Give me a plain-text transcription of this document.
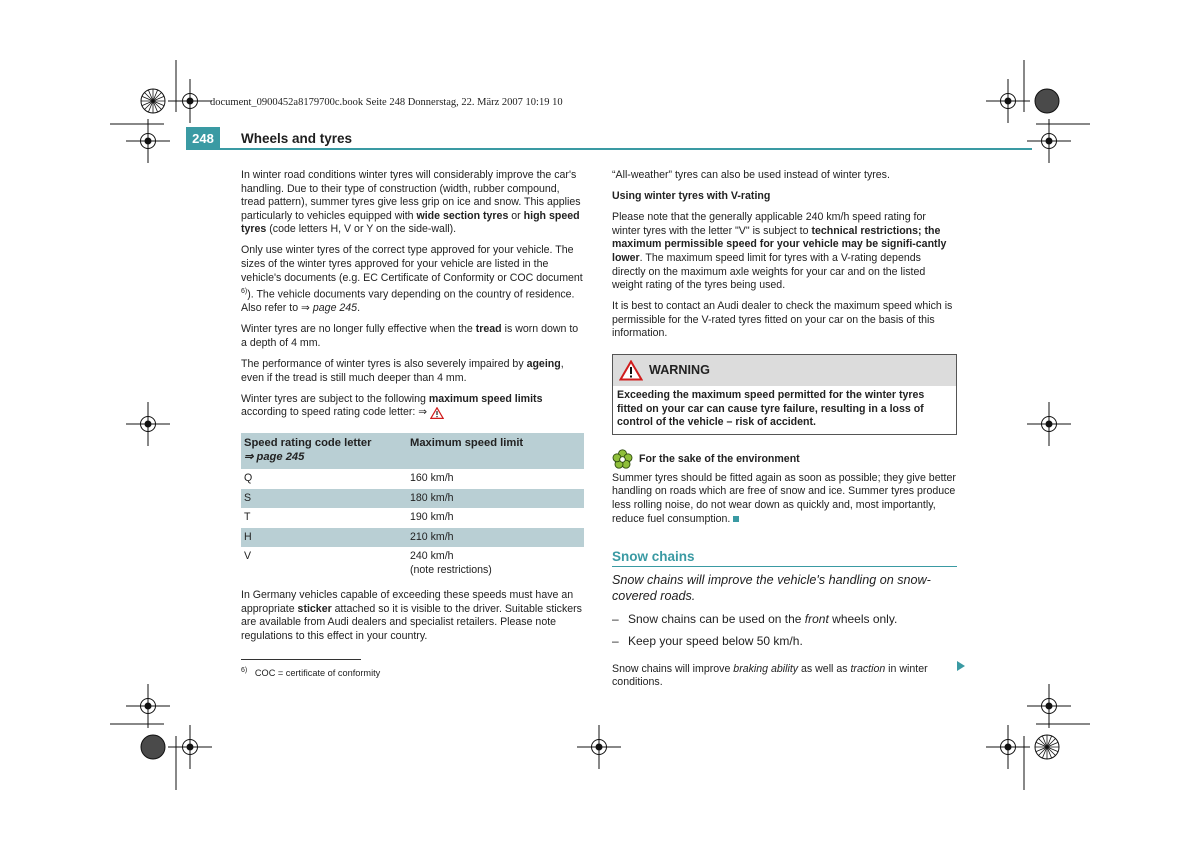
document_0900452a8179700c.book Seite 248 Donnerstag, 22. März 2007 10:19 10
248	Wheels and tyres

In winter road conditions winter tyres will considerably improve the car's handling. Due to their type of construction (width, rubber compound, tread pattern), summer tyres give less grip on ice and snow. This applies particularly to vehicles equipped with wide section tyres or high speed tyres (code letters H, V or Y on the side-wall).

Only use winter tyres of the correct type approved for your vehicle. The sizes of the winter tyres approved for your vehicle are listed in the vehicle's documents (e.g. EC Certificate of Conformity or COC document $^{6)}$). The vehicle documents vary depending on the country of residence. Also refer to ⇒ page 245.

Winter tyres are no longer fully effective when the tread is worn down to a depth of 4 mm.

The performance of winter tyres is also severely impaired by ageing, even if the tread is still much deeper than 4 mm.

Winter tyres are subject to the following maximum speed limits according to speed rating code letter: ⇒

Speed rating code letter
⇒ page 245	Maximum speed limit
Q	160 km/h
S	180 km/h
T	190 km/h
H	210 km/h
V	240 km/h
(note restrictions)

In Germany vehicles capable of exceeding these speeds must have an appropriate sticker attached so it is visible to the driver. Suitable stickers are available from Audi dealers and specialist retailers. Please note regulations to this effect in your country.

$^{6)}$ COC = certificate of conformity

“All-weather” tyres can also be used instead of winter tyres.

Using winter tyres with V-rating

Please note that the generally applicable 240 km/h speed rating for winter tyres with the letter "V" is subject to technical restrictions; the maximum permissible speed for your vehicle may be signifi-cantly lower. The maximum speed limit for tyres with a V-rating depends directly on the maximum axle weights for your car and on the listed weight rating of the tyres being used.

It is best to contact an Audi dealer to check the maximum speed which is permissible for the V-rated tyres fitted on your car on the basis of this information.

WARNING
Exceeding the maximum speed permitted for the winter tyres fitted on your car can cause tyre failure, resulting in a loss of control of the vehicle – risk of accident.
For the sake of the environment

Summer tyres should be fitted again as soon as possible; they give better handling on roads which are free of snow and ice. Summer tyres produce less rolling noise, do not wear down as quickly and, most importantly, reduce fuel consumption.

Snow chains

Snow chains will improve the vehicle's handling on snow-covered roads.

– Snow chains can be used on the front wheels only.

– Keep your speed below 50 km/h.

Snow chains will improve braking ability as well as traction in winter conditions.
